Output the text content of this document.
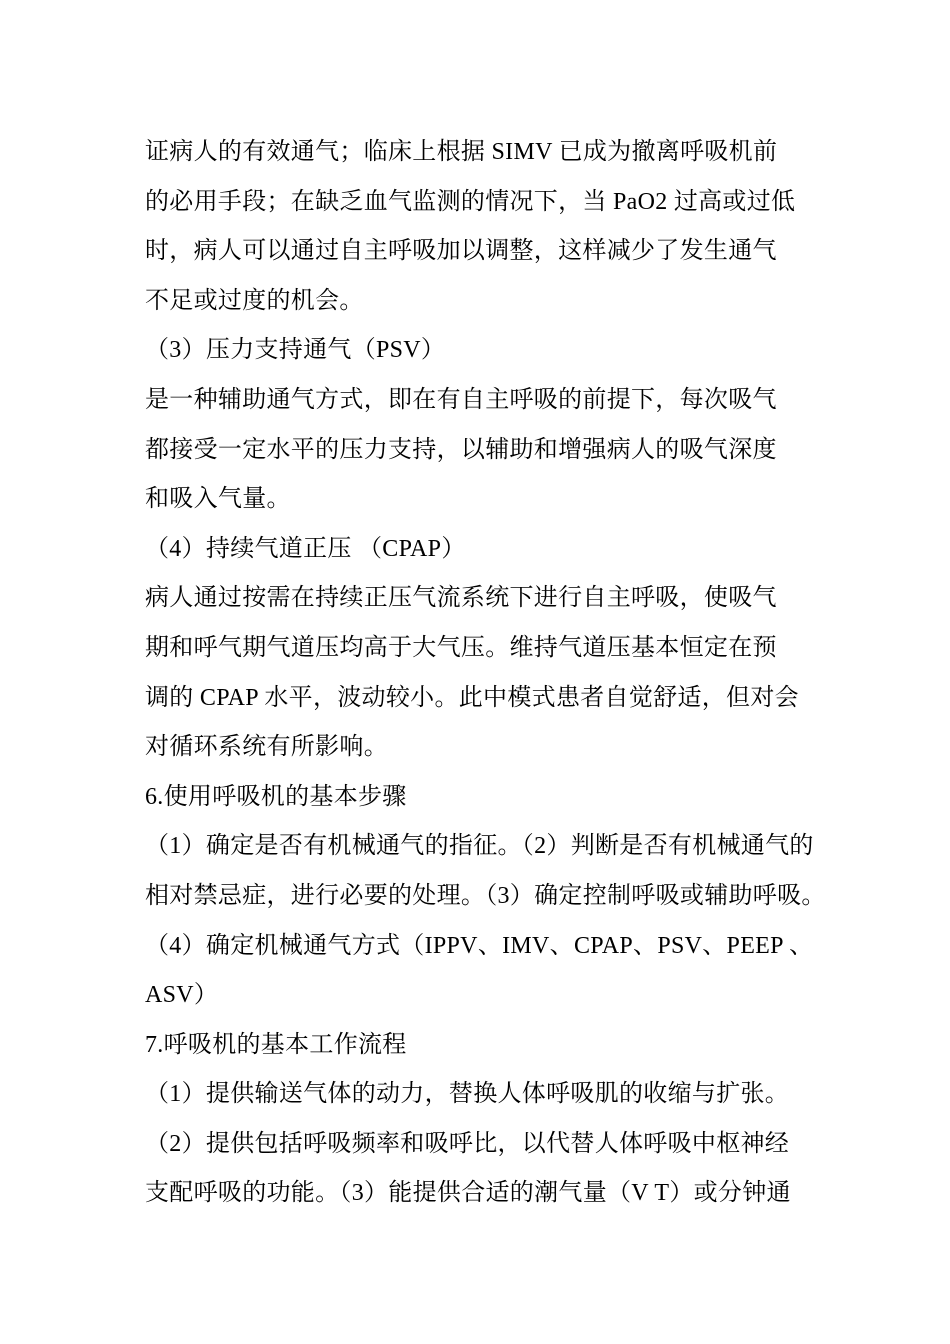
证病人的有效通气；临床上根据 SIMV 已成为撤离呼吸机前
的必用手段；在缺乏血气监测的情况下，当 PaO2 过高或过低
时，病人可以通过自主呼吸加以调整，这样减少了发生通气
不足或过度的机会。
（3）压力支持通气（PSV）
是一种辅助通气方式，即在有自主呼吸的前提下，每次吸气
都接受一定水平的压力支持，以辅助和增强病人的吸气深度
和吸入气量。
（4）持续气道正压 （CPAP）
病人通过按需在持续正压气流系统下进行自主呼吸，使吸气
期和呼气期气道压均高于大气压。维持气道压基本恒定在预
调的 CPAP 水平，波动较小。此中模式患者自觉舒适，但对会
对循环系统有所影响。
6.使用呼吸机的基本步骤
（1）确定是否有机械通气的指征。（2）判断是否有机械通气的
相对禁忌症，进行必要的处理。（3）确定控制呼吸或辅助呼吸。
（4）确定机械通气方式（IPPV、IMV、CPAP、PSV、PEEP 、
ASV）
7.呼吸机的基本工作流程
（1）提供输送气体的动力，替换人体呼吸肌的收缩与扩张。
（2）提供包括呼吸频率和吸呼比，以代替人体呼吸中枢神经
支配呼吸的功能。（3）能提供合适的潮气量（V T）或分钟通
